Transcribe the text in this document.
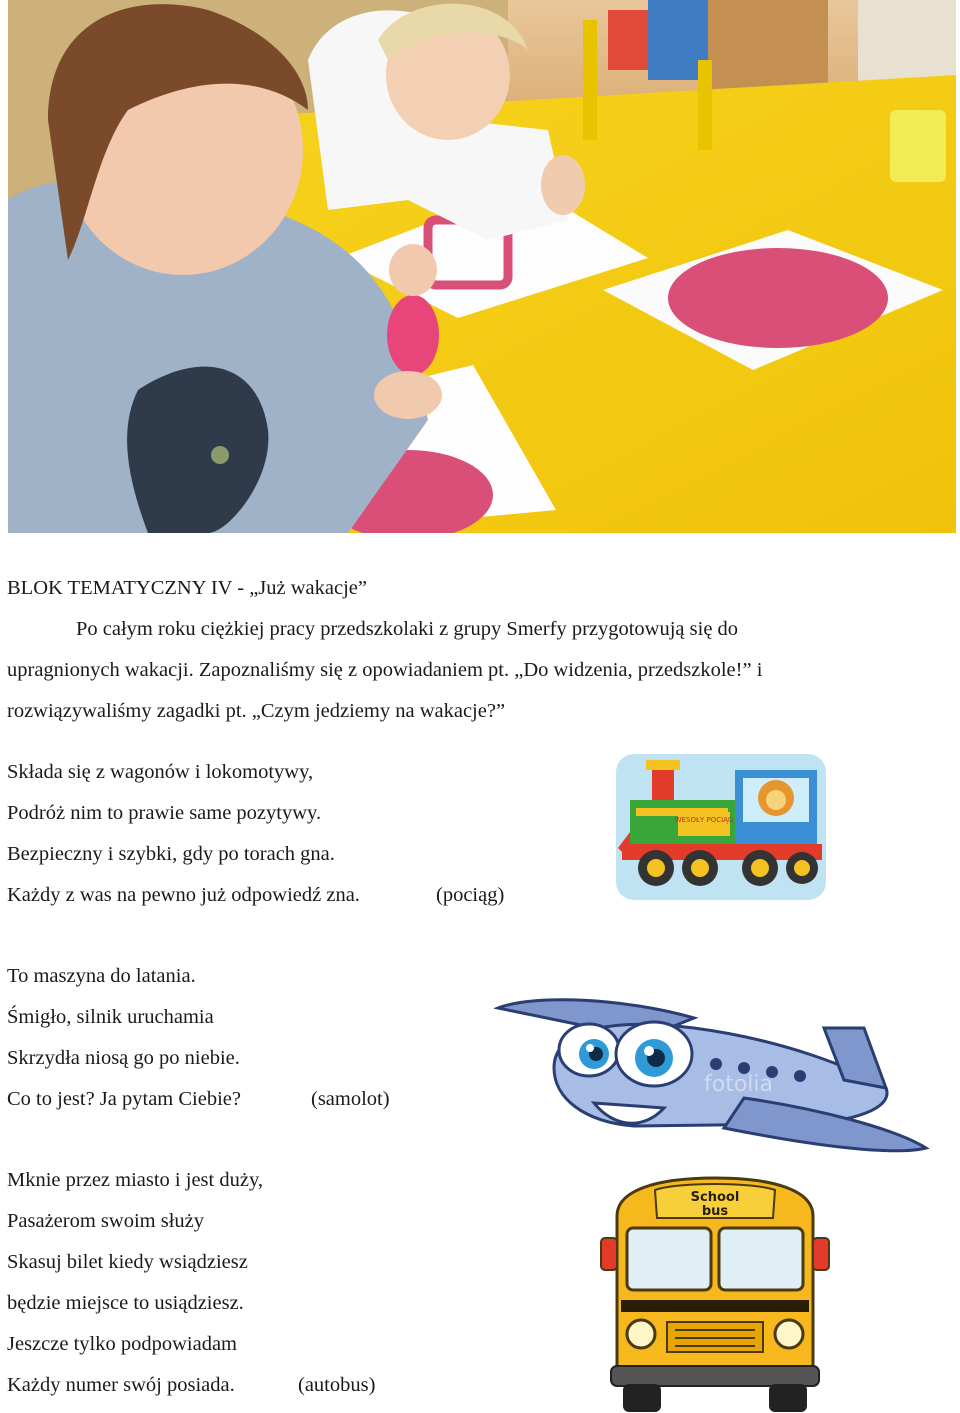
BLOK TEMATYCZNY IV - „Już wakacje”
Po całym roku ciężkiej pracy przedszkolaki z grupy Smerfy przygotowują się do
upragnionych wakacji. Zapoznaliśmy się z opowiadaniem pt. „Do widzenia, przedszkole!” i
rozwiązywaliśmy zagadki pt. „Czym jedziemy na wakacje?”
Składa się z wagonów i lokomotywy,
Podróż nim to prawie same pozytywy.
Bezpieczny i szybki, gdy po torach gna.
Każdy z was na pewno już odpowiedź zna.	(pociąg)
WESOŁY POCIĄG
To maszyna do latania.
Śmigło, silnik uruchamia
Skrzydła niosą go po niebie.
Co to jest? Ja pytam Ciebie?	(samolot)
fotolia
Mknie przez miasto i jest duży,
Pasażerom swoim służy
Skasuj bilet kiedy wsiądziesz
będzie miejsce to usiądziesz.
Jeszcze tylko podpowiadam
Każdy numer swój posiada.	(autobus)
School
bus
